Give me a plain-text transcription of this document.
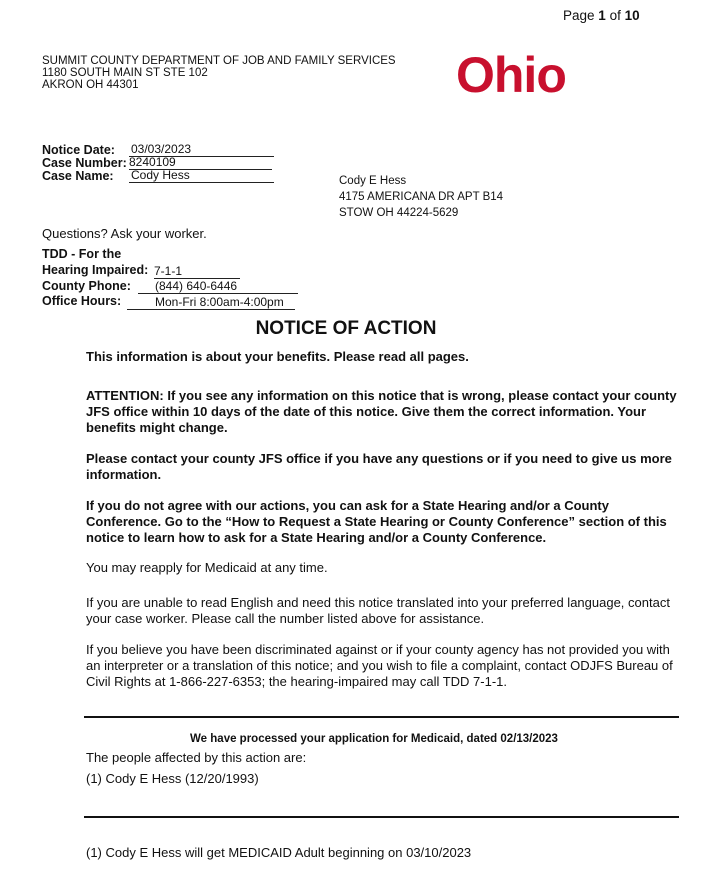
Page 1 of 10
SUMMIT COUNTY DEPARTMENT OF JOB AND FAMILY SERVICES
1180 SOUTH MAIN ST STE 102
AKRON OH 44301	Ohio
Notice Date: 03/03/2023
Case Number: 8240109
Case Name: Cody Hess	Cody E Hess
4175 AMERICANA DR APT B14
STOW OH 44224-5629
Questions? Ask your worker.
TDD - For the
Hearing Impaired: 7-1-1
County Phone:	(844) 640-6446
Office Hours:	Mon-Fri 8:00am-4:00pm
NOTICE OF ACTION
This information is about your benefits. Please read all pages.
ATTENTION: If you see any information on this notice that is wrong, please contact your county JFS office within 10 days of the date of this notice. Give them the correct information. Your benefits might change.
Please contact your county JFS office if you have any questions or if you need to give us more information.
If you do not agree with our actions, you can ask for a State Hearing and/or a County Conference. Go to the “How to Request a State Hearing or County Conference” section of this notice to learn how to ask for a State Hearing and/or a County Conference.
You may reapply for Medicaid at any time.
If you are unable to read English and need this notice translated into your preferred language, contact your case worker. Please call the number listed above for assistance.
If you believe you have been discriminated against or if your county agency has not provided you with an interpreter or a translation of this notice; and you wish to file a complaint, contact ODJFS Bureau of Civil Rights at 1-866-227-6353; the hearing-impaired may call TDD 7-1-1.
We have processed your application for Medicaid, dated 02/13/2023
The people affected by this action are:
(1) Cody E Hess (12/20/1993)
(1) Cody E Hess will get MEDICAID Adult beginning on 03/10/2023
